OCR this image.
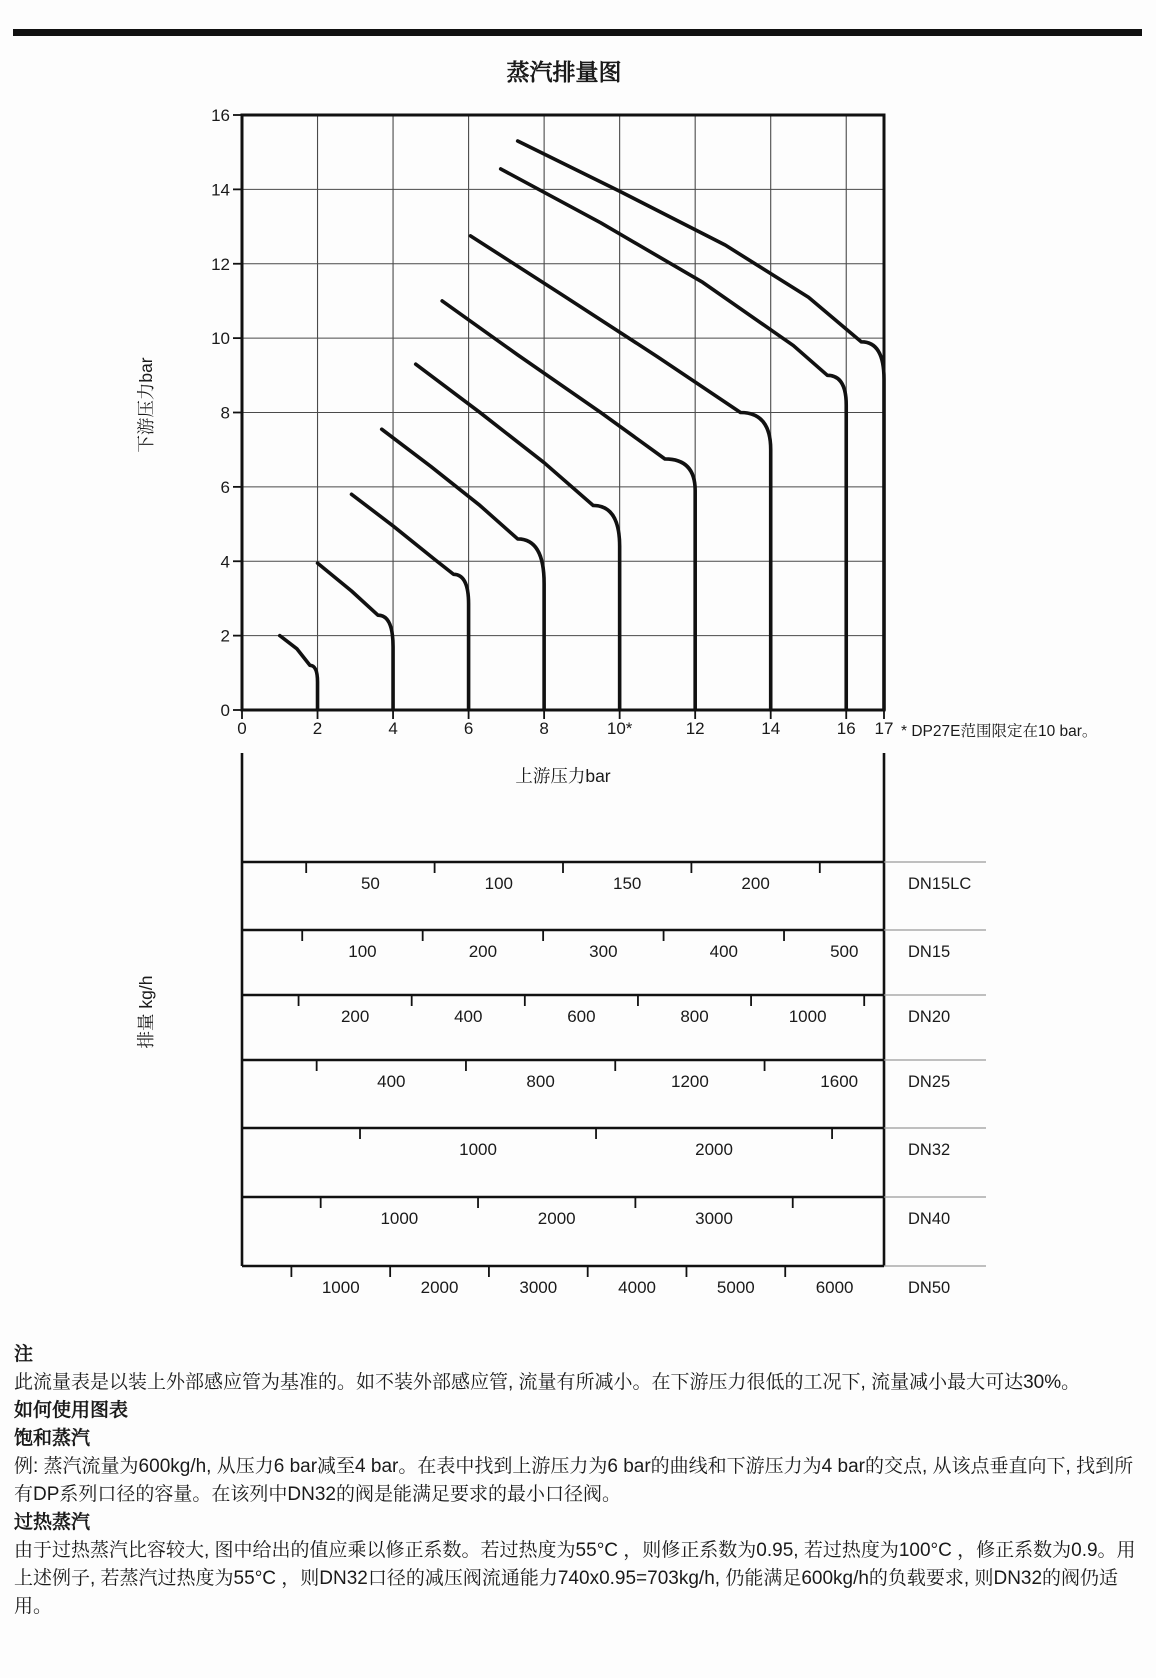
蒸汽排量图
下游压力bar
上游压力bar
排量 kg/h
* DP27E范围限定在10 bar。
0	2	4	6	8	10*	12	14	16 17
0
2
4
6
8
10
12
14
16
50	100	150	200	DN15LC
100	200	300	400	500	DN15
200	400	600	800	1000	DN20
400	800	1200	1600	DN25
1000	2000	DN32
1000	2000	3000	DN40
1000	2000	3000	4000	5000	6000	DN50

注

此流量表是以装上外部感应管为基准的。如不装外部感应管, 流量有所减小。在下游压力很低的工况下, 流量减小最大可达30%。

如何使用图表

饱和蒸汽

例: 蒸汽流量为600kg/h, 从压力6 bar减至4 bar。在表中找到上游压力为6 bar的曲线和下游压力为4 bar的交点, 从该点垂直向下, 找到所有DP系列口径的容量。在该列中DN32的阀是能满足要求的最小口径阀。

过热蒸汽

由于过热蒸汽比容较大, 图中给出的值应乘以修正系数。若过热度为55°C ，则修正系数为0.95, 若过热度为100°C ，修正系数为0.9。用上述例子, 若蒸汽过热度为55°C ，则DN32口径的减压阀流通能力740x0.95=703kg/h, 仍能满足600kg/h的负载要求, 则DN32的阀仍适用。
